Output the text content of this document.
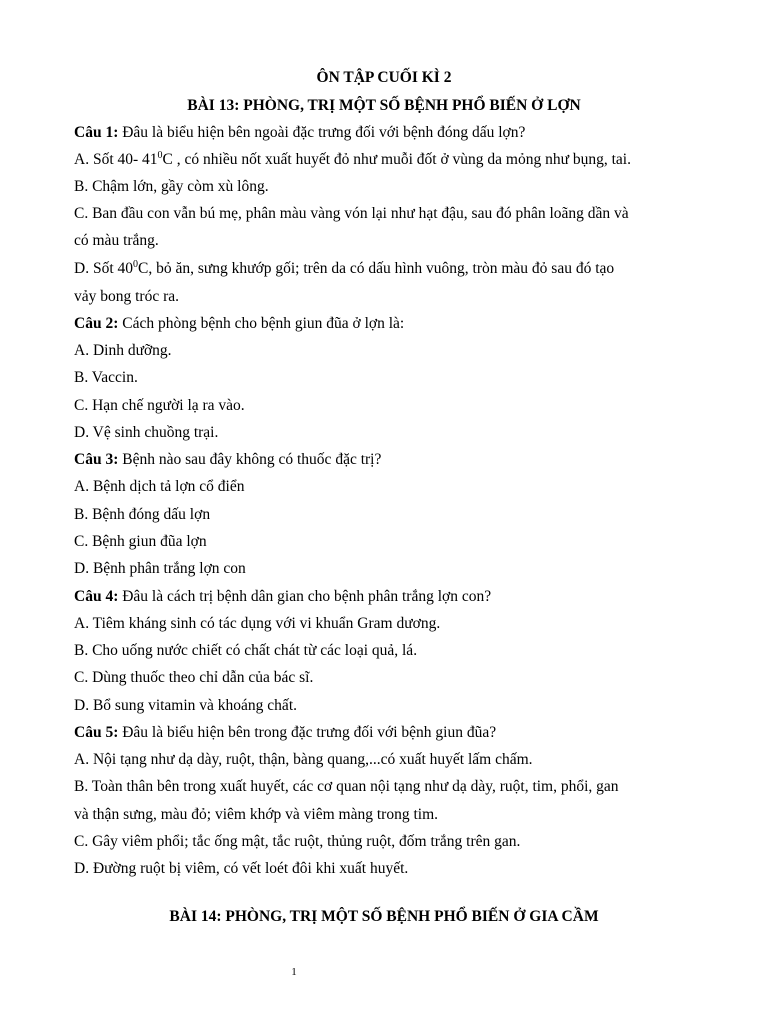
ÔN TẬP CUỐI KÌ 2
BÀI 13: PHÒNG, TRỊ MỘT SỐ BỆNH PHỔ BIẾN Ở LỢN
Câu 1: Đâu là biểu hiện bên ngoài đặc trưng đối với bệnh đóng dấu lợn?
A. Sốt 40- $41^0C$ , có nhiều nốt xuất huyết đỏ như muỗi đốt ở vùng da mỏng như bụng, tai.
B. Chậm lớn, gầy còm xù lông.
C. Ban đầu con vẫn bú mẹ, phân màu vàng vón lại như hạt đậu, sau đó phân loãng dần và
có màu trắng.
D. Sốt $40^0C$, bỏ ăn, sưng khướp gối; trên da có dấu hình vuông, tròn màu đỏ sau đó tạo
vảy bong tróc ra.
Câu 2: Cách phòng bệnh cho bệnh giun đũa ở lợn là:
A. Dinh dưỡng.
B. Vaccin.
C. Hạn chế người lạ ra vào.
D. Vệ sinh chuồng trại.
Câu 3: Bệnh nào sau đây không có thuốc đặc trị?
A. Bệnh dịch tả lợn cổ điển
B. Bệnh đóng dấu lợn
C. Bệnh giun đũa lợn
D. Bệnh phân trắng lợn con
Câu 4: Đâu là cách trị bệnh dân gian cho bệnh phân trắng lợn con?
A. Tiêm kháng sinh có tác dụng với vi khuẩn Gram dương.
B. Cho uống nước chiết có chất chát từ các loại quả, lá.
C. Dùng thuốc theo chỉ dẫn của bác sĩ.
D. Bổ sung vitamin và khoáng chất.
Câu 5: Đâu là biểu hiện bên trong đặc trưng đối với bệnh giun đũa?
A. Nội tạng như dạ dày, ruột, thận, bàng quang,...có xuất huyết lấm chấm.
B. Toàn thân bên trong xuất huyết, các cơ quan nội tạng như dạ dày, ruột, tim, phổi, gan
và thận sưng, màu đỏ; viêm khớp và viêm màng trong tim.
C. Gây viêm phổi; tắc ống mật, tắc ruột, thủng ruột, đốm trắng trên gan.
D. Đường ruột bị viêm, có vết loét đôi khi xuất huyết.
BÀI 14: PHÒNG, TRỊ MỘT SỐ BỆNH PHỔ BIẾN Ở GIA CẦM
1
